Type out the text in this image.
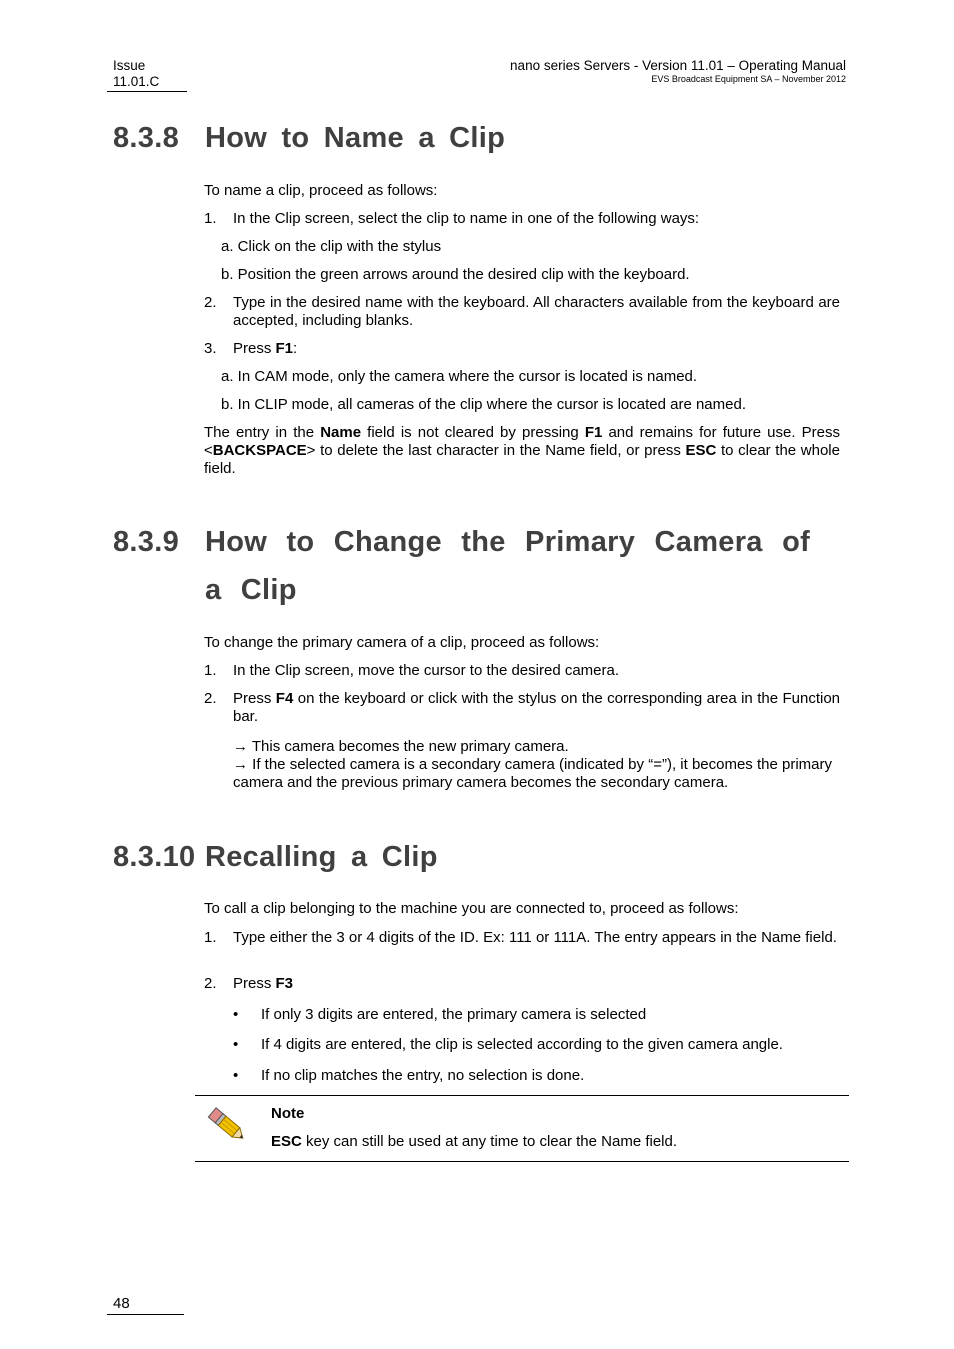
Issue
11.01.C
nano series Servers - Version 11.01 – Operating Manual
EVS Broadcast Equipment SA – November 2012
8.3.8 How to Name a Clip
To name a clip, proceed as follows:
1. In the Clip screen, select the clip to name in one of the following ways:
a. Click on the clip with the stylus
b. Position the green arrows around the desired clip with the keyboard.
2. Type in the desired name with the keyboard. All characters available from the keyboard are accepted, including blanks.
3. Press F1:
a. In CAM mode, only the camera where the cursor is located is named.
b. In CLIP mode, all cameras of the clip where the cursor is located are named.
The entry in the Name field is not cleared by pressing F1 and remains for future use. Press <BACKSPACE> to delete the last character in the Name field, or press ESC to clear the whole field.
8.3.9 How to Change the Primary Camera of a Clip
To change the primary camera of a clip, proceed as follows:
1. In the Clip screen, move the cursor to the desired camera.
2. Press F4 on the keyboard or click with the stylus on the corresponding area in the Function bar.
→ This camera becomes the new primary camera.
→ If the selected camera is a secondary camera (indicated by “=”), it becomes the primary camera and the previous primary camera becomes the secondary camera.
8.3.10 Recalling a Clip
To call a clip belonging to the machine you are connected to, proceed as follows:
1. Type either the 3 or 4 digits of the ID. Ex: 111 or 111A. The entry appears in the Name field.
2. Press F3
• If only 3 digits are entered, the primary camera is selected
• If 4 digits are entered, the clip is selected according to the given camera angle.
• If no clip matches the entry, no selection is done.
Note
ESC key can still be used at any time to clear the Name field.
48
